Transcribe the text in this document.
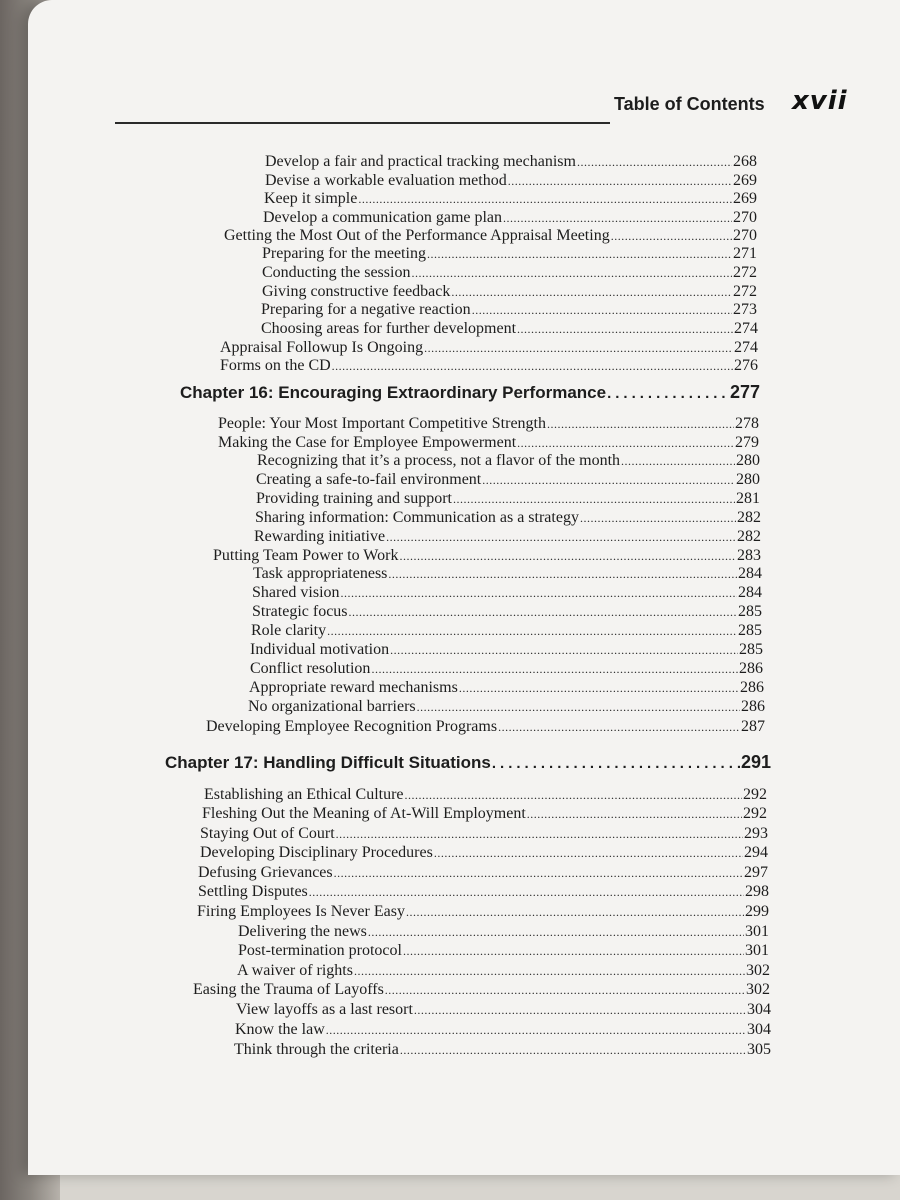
Table of Contents xvii
Develop a fair and practical tracking mechanism .....	268
Devise a workable evaluation method .....	269
Keep it simple .....	269
Develop a communication game plan .....	270
Getting the Most Out of the Performance Appraisal Meeting .....	270
Preparing for the meeting .....	271
Conducting the session .....	272
Giving constructive feedback .....	272
Preparing for a negative reaction .....	273
Choosing areas for further development .....	274
Appraisal Followup Is Ongoing .....	274
Forms on the CD .....	276
Chapter 16: Encouraging Extraordinary Performance .....	277
People: Your Most Important Competitive Strength .....	278
Making the Case for Employee Empowerment .....	279
Recognizing that it’s a process, not a flavor of the month .....	280
Creating a safe-to-fail environment .....	280
Providing training and support .....	281
Sharing information: Communication as a strategy .....	282
Rewarding initiative .....	282
Putting Team Power to Work .....	283
Task appropriateness .....	284
Shared vision .....	284
Strategic focus .....	285
Role clarity .....	285
Individual motivation .....	285
Conflict resolution .....	286
Appropriate reward mechanisms .....	286
No organizational barriers .....	286
Developing Employee Recognition Programs .....	287
Chapter 17: Handling Difficult Situations .....	291
Establishing an Ethical Culture .....	292
Fleshing Out the Meaning of At-Will Employment .....	292
Staying Out of Court .....	293
Developing Disciplinary Procedures .....	294
Defusing Grievances .....	297
Settling Disputes .....	298
Firing Employees Is Never Easy .....	299
Delivering the news .....	301
Post-termination protocol .....	301
A waiver of rights .....	302
Easing the Trauma of Layoffs .....	302
View layoffs as a last resort .....	304
Know the law .....	304
Think through the criteria .....	305
